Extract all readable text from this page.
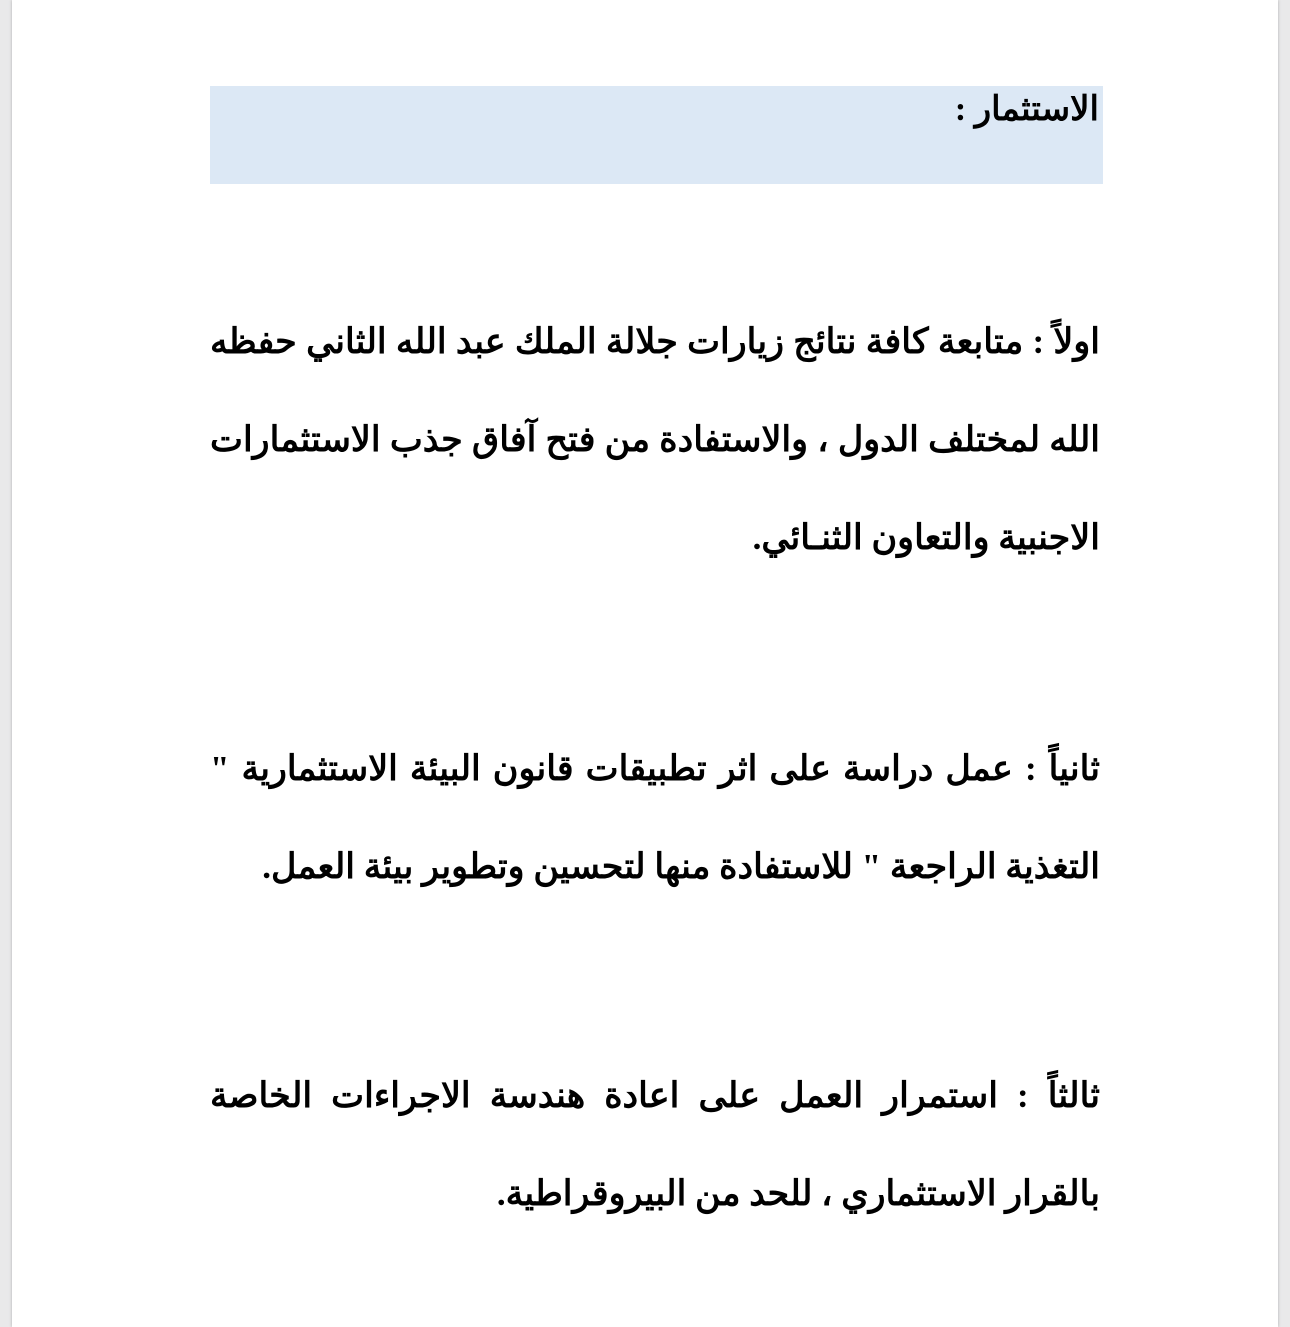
الاستثمار :

اولاً : متابعة كافة نتائج زيارات جلالة الملك عبد الله الثاني حفظه الله لمختلف الدول ، والاستفادة من فتح آفاق جذب الاستثمارات الاجنبية والتعاون الثنـائي.

ثانياً : عمل دراسة على اثر تطبيقات قانون البيئة الاستثمارية " التغذية الراجعة " للاستفادة منها لتحسين وتطوير بيئة العمل.

ثالثاً : استمرار العمل على اعادة هندسة الاجراءات الخاصة بالقرار الاستثماري ، للحد من البيروقراطية.
